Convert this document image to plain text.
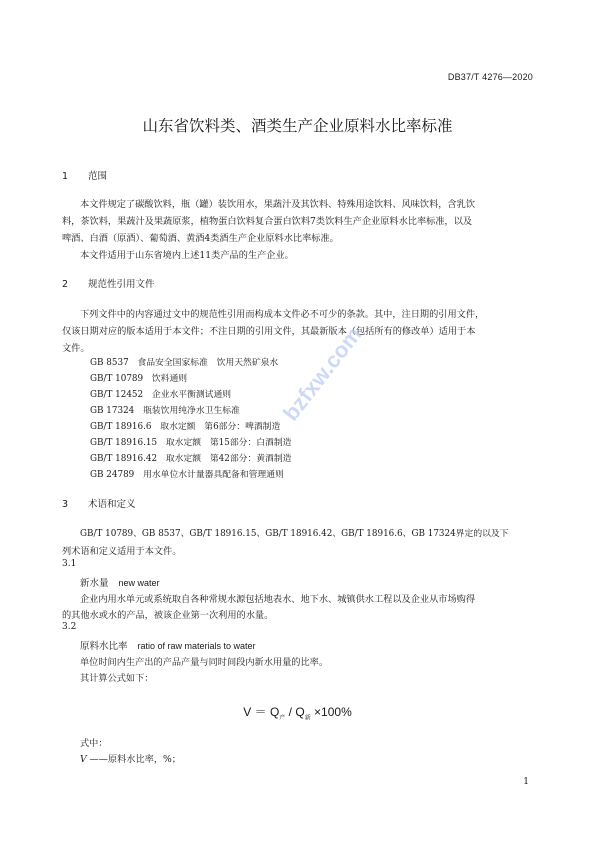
DB37/T 4276—2020
山东省饮料类、酒类生产企业原料水比率标准
1 范围
本文件规定了碳酸饮料，瓶（罐）装饮用水，果蔬汁及其饮料、特殊用途饮料、风味饮料，含乳饮
料，茶饮料，果蔬汁及果蔬原浆，植物蛋白饮料复合蛋白饮料7类饮料生产企业原料水比率标准，以及
啤酒、白酒（原酒）、葡萄酒、黄酒4类酒生产企业原料水比率标准。
本文件适用于山东省境内上述11类产品的生产企业。
2 规范性引用文件
下列文件中的内容通过文中的规范性引用而构成本文件必不可少的条款。其中，注日期的引用文件，
仅该日期对应的版本适用于本文件；不注日期的引用文件，其最新版本（包括所有的修改单）适用于本
文件。
GB 8537　食品安全国家标准　饮用天然矿泉水
GB/T 10789　饮料通则
GB/T 12452　企业水平衡测试通则
GB 17324　瓶装饮用纯净水卫生标准
GB/T 18916.6　取水定额　第6部分：啤酒制造
GB/T 18916.15　取水定额　第15部分：白酒制造
GB/T 18916.42　取水定额　第42部分：黄酒制造
GB 24789　用水单位水计量器具配备和管理通则
3 术语和定义
GB/T 10789、GB 8537、GB/T 18916.15、GB/T 18916.42、GB/T 18916.6、GB 17324界定的以及下
列术语和定义适用于本文件。
3.1
新水量 new water
企业内用水单元或系统取自各种常规水源包括地表水、地下水、城镇供水工程以及企业从市场购得
的其他水或水的产品，被该企业第一次利用的水量。
3.2
原料水比率 ratio of raw materials to water
单位时间内生产出的产品产量与同时间段内新水用量的比率。
其计算公式如下：
$V = Q_产 / Q_新 \times 100\%$
式中：
V ——原料水比率，%；
1
bzfxw.com
